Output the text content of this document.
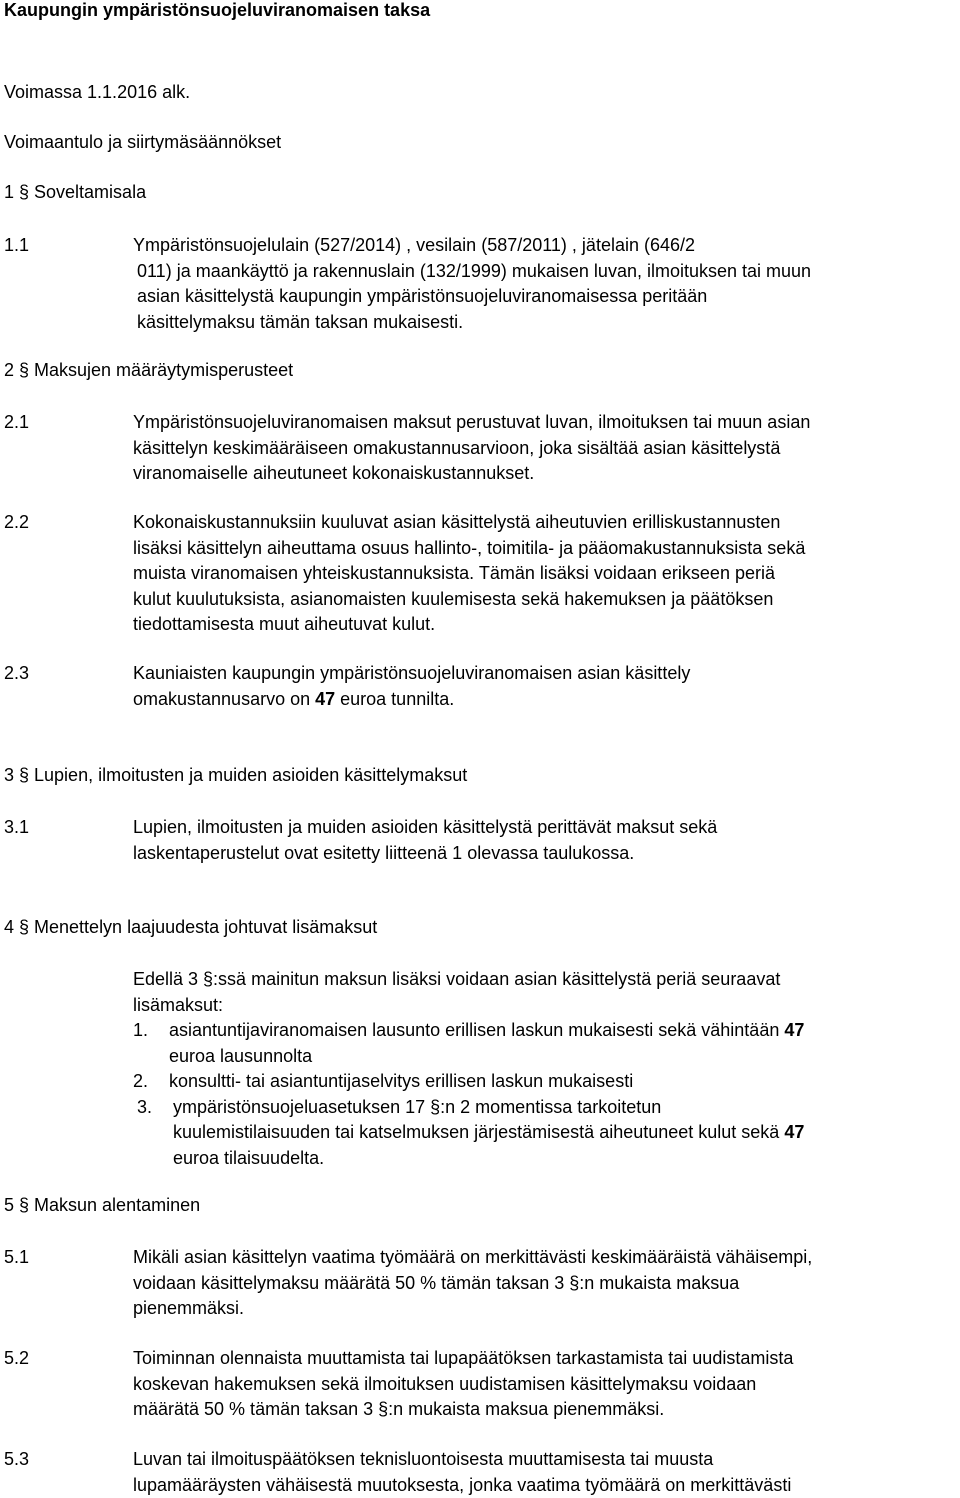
Kaupungin ympäristönsuojeluviranomaisen taksa

Voimassa 1.1.2016 alk.

Voimaantulo ja siirtymäsäännökset

1 § Soveltamisala

1.1	Ympäristönsuojelulain (527/2014) , vesilain (587/2011) , jätelain (646/2
011) ja maankäyttö ja rakennuslain (132/1999) mukaisen luvan, ilmoituksen tai muun
asian käsittelystä kaupungin ympäristönsuojeluviranomaisessa peritään
käsittelymaksu tämän taksan mukaisesti.

2 § Maksujen määräytymisperusteet

2.1	Ympäristönsuojeluviranomaisen maksut perustuvat luvan, ilmoituksen tai muun asian
käsittelyn keskimääräiseen omakustannusarvioon, joka sisältää asian käsittelystä
viranomaiselle aiheutuneet kokonaiskustannukset.

2.2	Kokonaiskustannuksiin kuuluvat asian käsittelystä aiheutuvien erilliskustannusten
lisäksi käsittelyn aiheuttama osuus hallinto-, toimitila- ja pääomakustannuksista sekä
muista viranomaisen yhteiskustannuksista. Tämän lisäksi voidaan erikseen periä
kulut kuulutuksista, asianomaisten kuulemisesta sekä hakemuksen ja päätöksen
tiedottamisesta muut aiheutuvat kulut.

2.3	Kauniaisten kaupungin ympäristönsuojeluviranomaisen asian käsittely
omakustannusarvo on 47 euroa tunnilta.

3 § Lupien, ilmoitusten ja muiden asioiden käsittelymaksut

3.1	Lupien, ilmoitusten ja muiden asioiden käsittelystä perittävät maksut sekä
laskentaperustelut ovat esitetty liitteenä 1 olevassa taulukossa.

4 § Menettelyn laajuudesta johtuvat lisämaksut

Edellä 3 §:ssä mainitun maksun lisäksi voidaan asian käsittelystä periä seuraavat
lisämaksut:
1.	asiantuntijaviranomaisen lausunto erillisen laskun mukaisesti sekä vähintään 47
euroa lausunnolta
2.	konsultti- tai asiantuntijaselvitys erillisen laskun mukaisesti
3.	ympäristönsuojeluasetuksen 17 §:n 2 momentissa tarkoitetun
kuulemistilaisuuden tai katselmuksen järjestämisestä aiheutuneet kulut sekä 47
euroa tilaisuudelta.

5 § Maksun alentaminen

5.1	Mikäli asian käsittelyn vaatima työmäärä on merkittävästi keskimääräistä vähäisempi,
voidaan käsittelymaksu määrätä 50 % tämän taksan 3 §:n mukaista maksua
pienemmäksi.

5.2	Toiminnan olennaista muuttamista tai lupapäätöksen tarkastamista tai uudistamista
koskevan hakemuksen sekä ilmoituksen uudistamisen käsittelymaksu voidaan
määrätä 50 % tämän taksan 3 §:n mukaista maksua pienemmäksi.

5.3	Luvan tai ilmoituspäätöksen teknisluontoisesta muuttamisesta tai muusta
lupamääräysten vähäisestä muutoksesta, jonka vaatima työmäärä on merkittävästi
